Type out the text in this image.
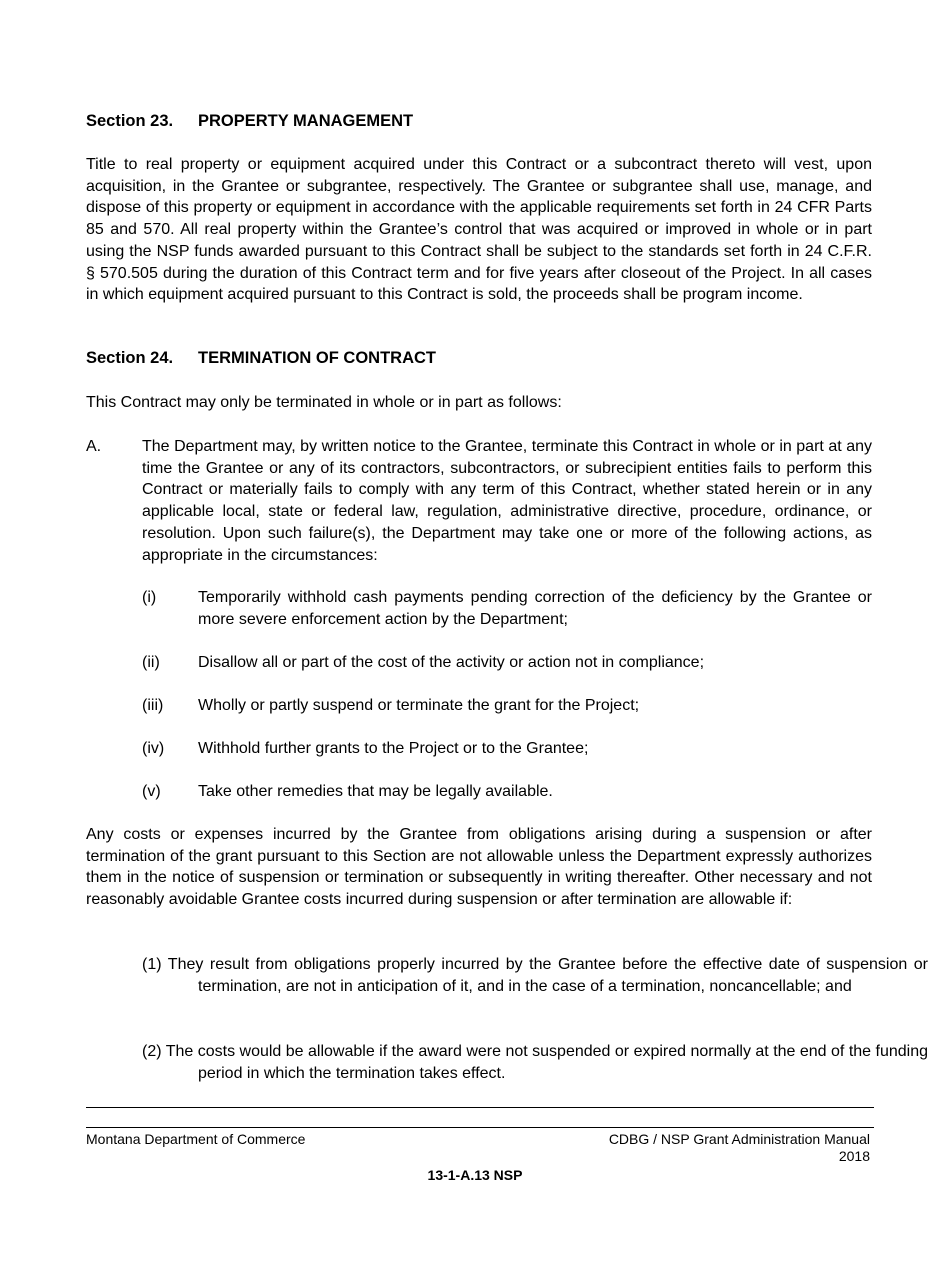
Section 23. PROPERTY MANAGEMENT
Title to real property or equipment acquired under this Contract or a subcontract thereto will vest, upon acquisition, in the Grantee or subgrantee, respectively. The Grantee or subgrantee shall use, manage, and dispose of this property or equipment in accordance with the applicable requirements set forth in 24 CFR Parts 85 and 570. All real property within the Grantee’s control that was acquired or improved in whole or in part using the NSP funds awarded pursuant to this Contract shall be subject to the standards set forth in 24 C.F.R. § 570.505 during the duration of this Contract term and for five years after closeout of the Project. In all cases in which equipment acquired pursuant to this Contract is sold, the proceeds shall be program income.
Section 24. TERMINATION OF CONTRACT
This Contract may only be terminated in whole or in part as follows:
A.	The Department may, by written notice to the Grantee, terminate this Contract in whole or in part at any time the Grantee or any of its contractors, subcontractors, or subrecipient entities fails to perform this Contract or materially fails to comply with any term of this Contract, whether stated herein or in any applicable local, state or federal law, regulation, administrative directive, procedure, ordinance, or resolution. Upon such failure(s), the Department may take one or more of the following actions, as appropriate in the circumstances:
(i)	Temporarily withhold cash payments pending correction of the deficiency by the Grantee or more severe enforcement action by the Department;
(ii) Disallow all or part of the cost of the activity or action not in compliance;
(iii) Wholly or partly suspend or terminate the grant for the Project;
(iv) Withhold further grants to the Project or to the Grantee;
(v) Take other remedies that may be legally available.
Any costs or expenses incurred by the Grantee from obligations arising during a suspension or after termination of the grant pursuant to this Section are not allowable unless the Department expressly authorizes them in the notice of suspension or termination or subsequently in writing thereafter. Other necessary and not reasonably avoidable Grantee costs incurred during suspension or after termination are allowable if:
(1) They result from obligations properly incurred by the Grantee before the effective date of suspension or termination, are not in anticipation of it, and in the case of a termination, noncancellable; and
(2) The costs would be allowable if the award were not suspended or expired normally at the end of the funding period in which the termination takes effect.
Montana Department of Commerce	CDBG / NSP Grant Administration Manual
2018
13-1-A.13 NSP
